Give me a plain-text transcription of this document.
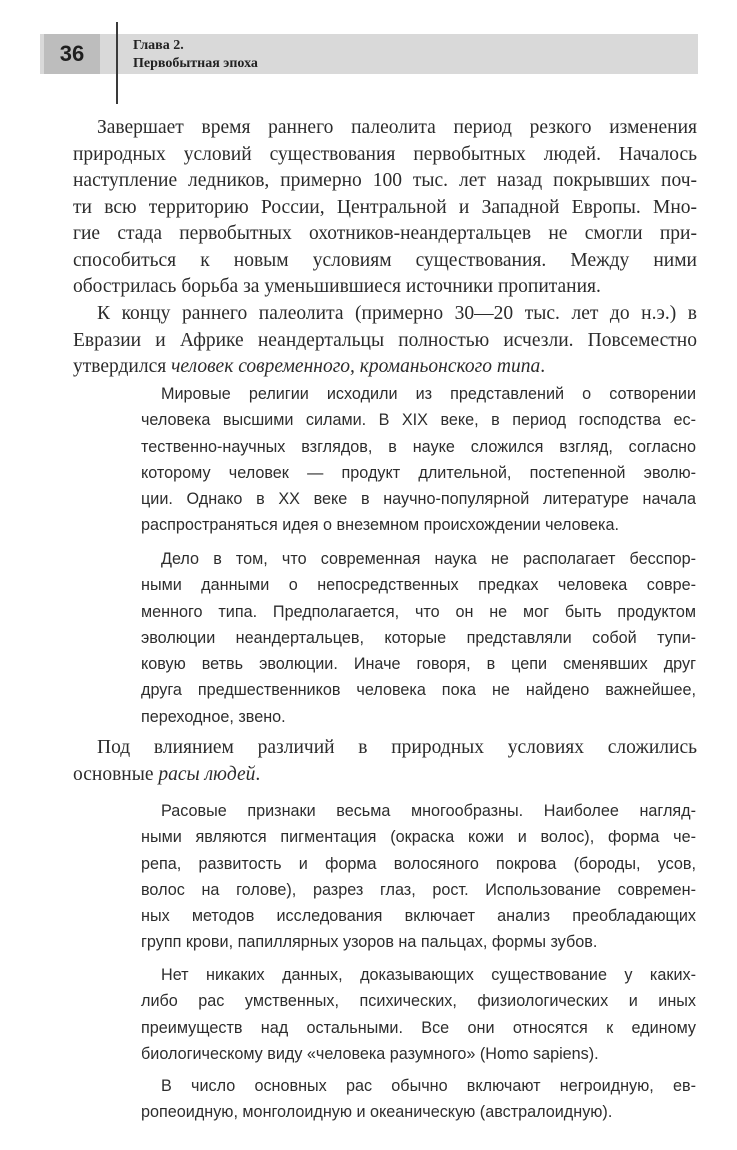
36	Глава 2.
Первобытная эпоха

Завершает время раннего палеолита период резкого изменения
природных условий существования первобытных людей. Началось
наступление ледников, примерно 100 тыс. лет назад покрывших поч-
ти всю территорию России, Центральной и Западной Европы. Мно-
гие стада первобытных охотников-неандертальцев не смогли при-
способиться к новым условиям существования. Между ними
обострилась борьба за уменьшившиеся источники пропитания.

К концу раннего палеолита (примерно 30—20 тыс. лет до н.э.) в
Евразии и Африке неандертальцы полностью исчезли. Повсеместно
утвердился человек современного, кроманьонского типа.

Мировые религии исходили из представлений о сотворении
человека высшими силами. В XIX веке, в период господства ес-
тественно-научных взглядов, в науке сложился взгляд, согласно
которому человек — продукт длительной, постепенной эволю-
ции. Однако в XX веке в научно-популярной литературе начала
распространяться идея о внеземном происхождении человека.
Дело в том, что современная наука не располагает бесспор-
ными данными о непосредственных предках человека совре-
менного типа. Предполагается, что он не мог быть продуктом
эволюции неандертальцев, которые представляли собой тупи-
ковую ветвь эволюции. Иначе говоря, в цепи сменявших друг
друга предшественников человека пока не найдено важнейшее,
переходное, звено.

Под влиянием различий в природных условиях сложились
основные расы людей.

Расовые признаки весьма многообразны. Наиболее нагляд-
ными являются пигментация (окраска кожи и волос), форма че-
репа, развитость и форма волосяного покрова (бороды, усов,
волос на голове), разрез глаз, рост. Использование современ-
ных методов исследования включает анализ преобладающих
групп крови, папиллярных узоров на пальцах, формы зубов.
Нет никаких данных, доказывающих существование у каких-
либо рас умственных, психических, физиологических и иных
преимуществ над остальными. Все они относятся к единому
биологическому виду «человека разумного» (Homo sapiens).
В число основных рас обычно включают негроидную, ев-
ропеоидную, монголоидную и океаническую (австралоидную).
